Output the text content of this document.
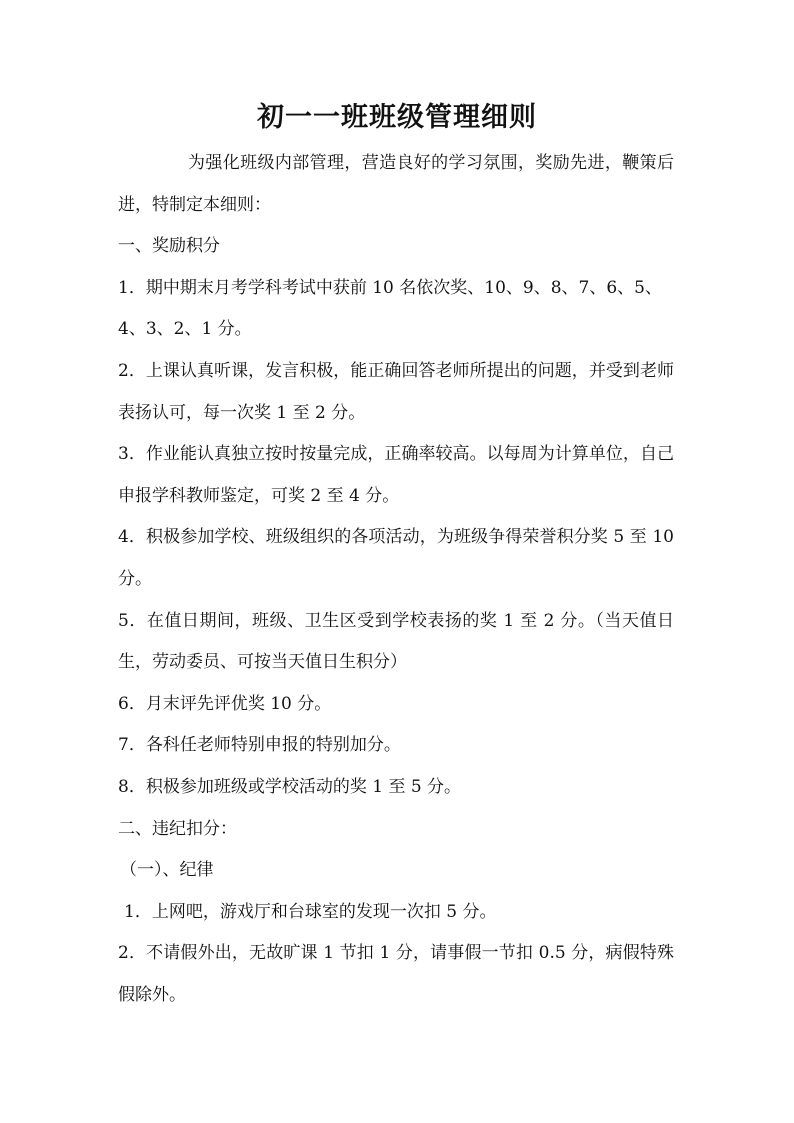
初一一班班级管理细则

为强化班级内部管理，营造良好的学习氛围，奖励先进，鞭策后进，特制定本细则：

一、奖励积分

1．期中期末月考学科考试中获前 10 名依次奖、10、9、8、7、6、5、

4、3、2、1 分。

2．上课认真听课，发言积极，能正确回答老师所提出的问题，并受到老师表扬认可，每一次奖 1 至 2 分。

3．作业能认真独立按时按量完成，正确率较高。以每周为计算单位，自己申报学科教师鉴定，可奖 2 至 4 分。

4．积极参加学校、班级组织的各项活动，为班级争得荣誉积分奖 5 至 10 分。

5．在值日期间，班级、卫生区受到学校表扬的奖 1 至 2 分。（当天值日生，劳动委员、可按当天值日生积分）

6．月末评先评优奖 10 分。

7．各科任老师特别申报的特别加分。

8．积极参加班级或学校活动的奖 1 至 5 分。

二、违纪扣分：

（一）、纪律

1．上网吧，游戏厅和台球室的发现一次扣 5 分。

2．不请假外出，无故旷课 1 节扣 1 分，请事假一节扣 0.5 分，病假特殊假除外。
